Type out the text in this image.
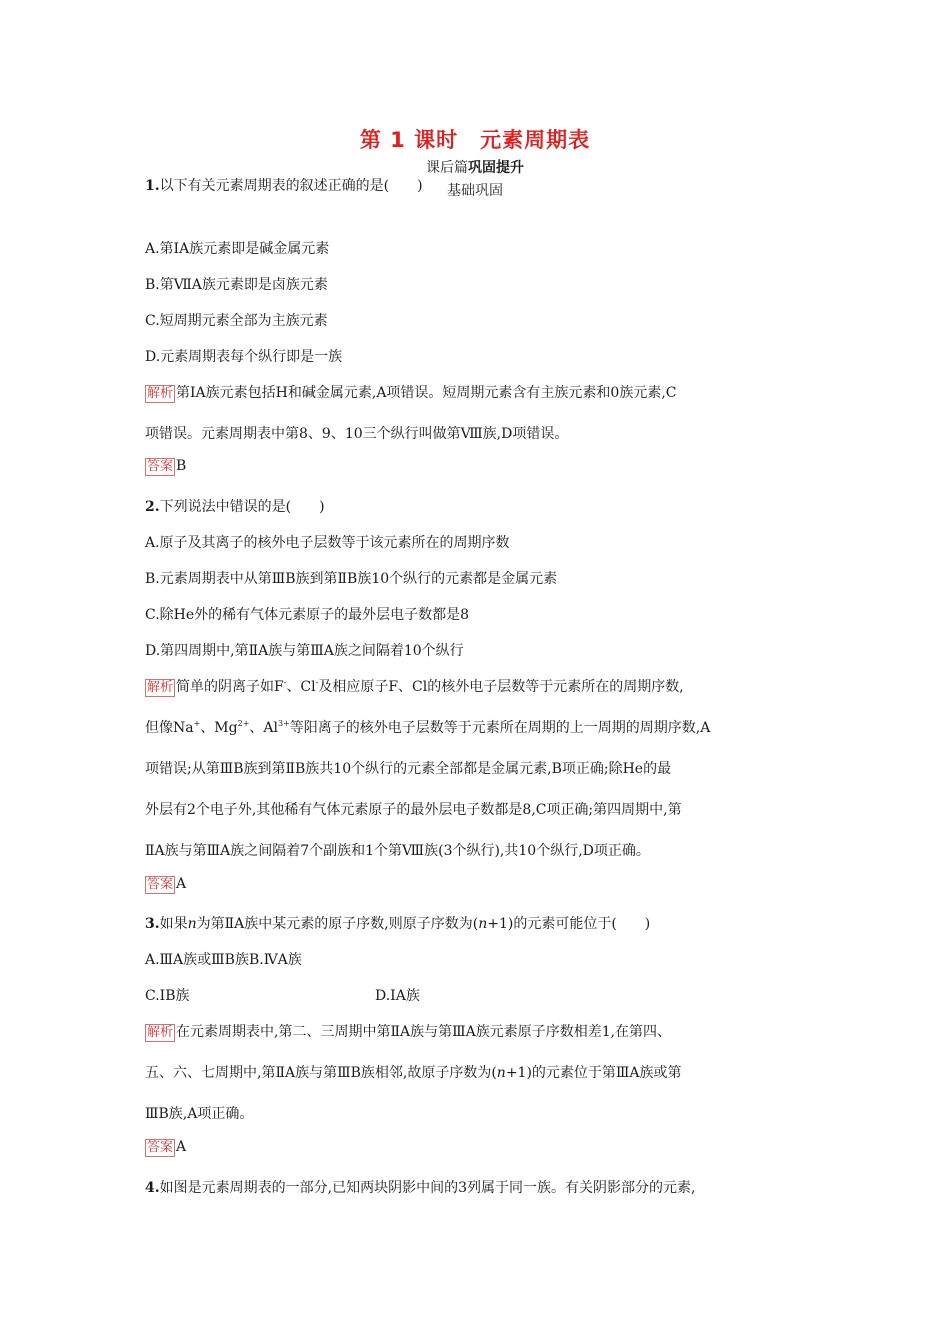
第 1 课时　元素周期表
课后篇巩固提升
基础巩固
1.以下有关元素周期表的叙述正确的是(　　)
A.第ⅠA族元素即是碱金属元素
B.第ⅦA族元素即是卤族元素
C.短周期元素全部为主族元素
D.元素周期表每个纵行即是一族
解析 第ⅠA族元素包括H和碱金属元素,A项错误。短周期元素含有主族元素和0族元素,C
项错误。元素周期表中第8、9、10三个纵行叫做第Ⅷ族,D项错误。
答案 B
2.下列说法中错误的是(　　)
A.原子及其离子的核外电子层数等于该元素所在的周期序数
B.元素周期表中从第ⅢB族到第ⅡB族10个纵行的元素都是金属元素
C.除He外的稀有气体元素原子的最外层电子数都是8
D.第四周期中,第ⅡA族与第ⅢA族之间隔着10个纵行
解析 简单的阴离子如F-、Cl-及相应原子F、Cl的核外电子层数等于元素所在的周期序数,
但像Na+、$Mg^{2+}$、$Al^{3+}$等阳离子的核外电子层数等于元素所在周期的上一周期的周期序数,A
项错误;从第ⅢB族到第ⅡB族共10个纵行的元素全部都是金属元素,B项正确;除He的最
外层有2个电子外,其他稀有气体元素原子的最外层电子数都是8,C项正确;第四周期中,第
ⅡA族与第ⅢA族之间隔着7个副族和1个第Ⅷ族(3个纵行),共10个纵行,D项正确。
答案 A
3.如果n为第ⅡA族中某元素的原子序数,则原子序数为(n+1)的元素可能位于(　　)
A.ⅢA族或ⅢB族B.ⅣA族
C.ⅠB族	D.ⅠA族
解析 在元素周期表中,第二、三周期中第ⅡA族与第ⅢA族元素原子序数相差1,在第四、
五、六、七周期中,第ⅡA族与第ⅢB族相邻,故原子序数为(n+1)的元素位于第ⅢA族或第
ⅢB族,A项正确。
答案 A
4.如图是元素周期表的一部分,已知两块阴影中间的3列属于同一族。有关阴影部分的元素,
